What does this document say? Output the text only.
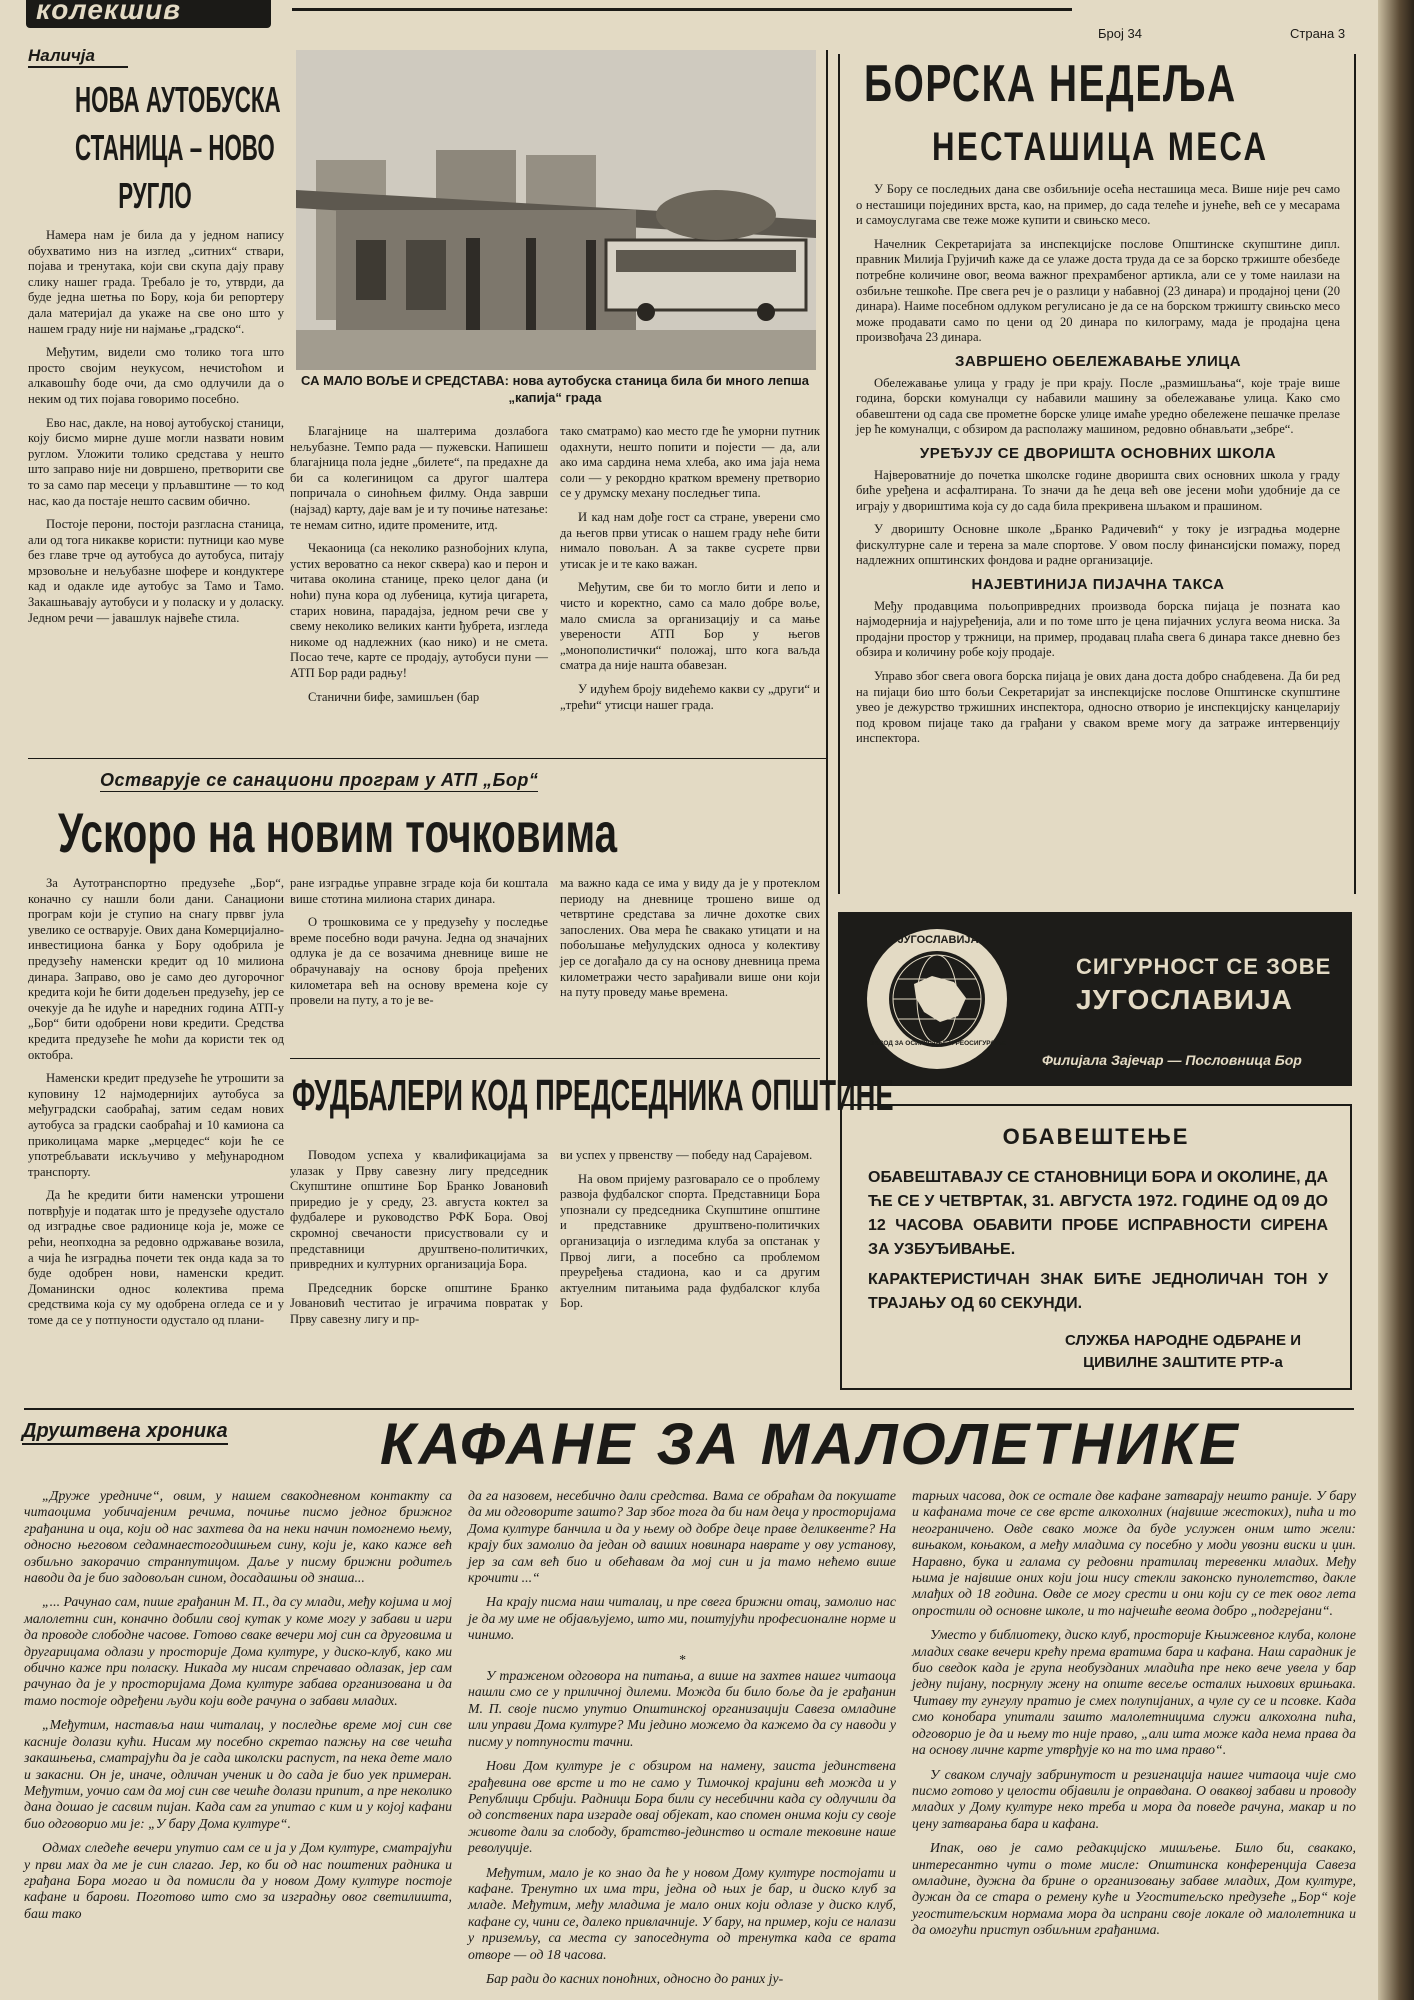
колекшив
Број 34	Страна 3
Наличја
НОВА АУТОБУСКА
СТАНИЦА – НОВО
РУГЛО

Намера нам је била да у једном напису обухватимо низ на изглед „ситних“ ствари, појава и тренутака, који сви скупа дају праву слику нашег града. Требало је то, утврди, да буде једна шетња по Бору, која би репортеру дала материјал да укаже на све оно што у нашем граду није ни најмање „градско“.

Међутим, видели смо толико тога што просто својим неукусом, нечистоћом и алкавошћу боде очи, да смо одлучили да о неким од тих појава говоримо посебно.

Ево нас, дакле, на новој аутобуској станици, коју бисмо мирне душе могли назвати новим руглом. Уложити толико средстава у нешто што заправо није ни довршено, претворити све то за само пар месеци у прљавштине — то код нас, као да постаје нешто сасвим обично.

Постоје перони, постоји разгласна станица, али од тога никакве користи: путници као муве без главе трче од аутобуса до аутобуса, питају мрзовољне и нељубазне шофере и кондуктере кад и одакле иде аутобус за Тамо и Тамо. Закашњавају аутобуси и у поласку и у доласку. Једном речи — јавашлук највеће стила.

СА МАЛО ВОЉЕ И СРЕДСТАВА: нова аутобуска станица била би много лепша „капија“ града

Благајнице на шалтерима дозлабога нељубазне. Темпо рада — пужевски. Напишеш благајница пола једне „билете“, па предахне да би са колегиницом са другог шалтера попричала о синоћњем филму. Онда заврши (најзад) карту, даје вам је и ту почиње натезање: те немам ситно, идите промените, итд.

Чекаоница (са неколико разнобојних клупа, устих вероватно са неког сквера) као и перон и читава околина станице, преко целог дана (и ноћи) пуна кора од лубеница, кутија цигарета, старих новина, парадајза, једном речи све у свему неколико великих канти ђубрета, изгледа никоме од надлежних (као нико) и не смета. Посао тече, карте се продају, аутобуси пуни — АТП Бор ради радњу!

Станични бифе, замишљен (бар

тако сматрамо) као место где ће уморни путник одахнути, нешто попити и појести — да, али ако има сардина нема хлеба, ако има јаја нема соли — у рекордно кратком времену претворио се у друмску механу последњег типа.

И кад нам дође гост са стране, уверени смо да његов први утисак о нашем граду неће бити нимало повољан. А за такве сусрете први утисак је и те како важан.

Међутим, све би то могло бити и лепо и чисто и коректно, само са мало добре воље, мало смисла за организацију и са мање уверености АТП Бор у његов „монополистички“ положај, што кога ваљда сматра да није нашта обавезан.

У идућем броју видећемо какви су „други“ и „трећи“ утисци нашег града.

БОРСКА НЕДЕЉА
НЕСТАШИЦА МЕСА

У Бору се последњих дана све озбиљније осећа несташица меса. Више није реч само о несташици појединих врста, као, на пример, до сада телеће и јунеће, већ се у месарама и самоуслугама све теже може купити и свињско месо.

Начелник Секретаријата за инспекцијске послове Општинске скупштине дипл. правник Милија Грујичић каже да се улаже доста труда да се за борско тржиште обезбеде потребне количине овог, веома важног прехрамбеног артикла, али се у томе наилази на озбиљне тешкоће. Пре свега реч је о разлици у набавној (23 динара) и продајној цени (20 динара). Наиме посебном одлуком регулисано је да се на борском тржишту свињско месо може продавати само по цени од 20 динара по килограму, мада је продајна цена произвођача 23 динара.

ЗАВРШЕНО ОБЕЛЕЖАВАЊЕ УЛИЦА

Обележавање улица у граду је при крају. После „размишљања“, које траје више година, борски комуналци су набавили машину за обележавање улица. Како смо обавештени од сада све прометне борске улице имаће уредно обележене пешачке прелазе јер ће комуналци, с обзиром да располажу машином, редовно обнављати „зебре“.

УРЕЂУЈУ СЕ ДВОРИШТА ОСНОВНИХ ШКОЛА

Највероватније до почетка школске године дворишта свих основних школа у граду биће уређена и асфалтирана. То значи да ће деца већ ове јесени моћи удобније да се играју у двориштима која су до сада била прекривена шљаком и прашином.

У дворишту Основне школе „Бранко Радичевић“ у току је изградња модерне фискултурне сале и терена за мале спортове. У овом послу финансијски помажу, поред надлежних општинских фондова и радне организације.

НАЈЕВТИНИЈА ПИЈАЧНА ТАКСА

Међу продавцима пољопривредних производа борска пијаца је позната као најмодернија и најуређенија, али и по томе што је цена пијачних услуга веома ниска. За продајни простор у тржници, на пример, продавац плаћа свега 6 динара таксе дневно без обзира и количину робе коју продаје.

Управо због свега овога борска пијаца је ових дана доста добро снабдевена. Да би ред на пијаци био што бољи Секретаријат за инспекцијске послове Општинске скупштине увео је дежурство тржишних инспектора, односно отворио је инспекцијску канцеларију под кровом пијаце тако да грађани у сваком време могу да затраже интервенцију инспектора.

ЈУГОСЛАВИЈА
ЗАВОД ЗА ОСИГУРАЊЕ И РЕОСИГУРАЊЕ
СИГУРНОСТ СЕ ЗОВЕ
ЈУГОСЛАВИЈА
Филијала Зајечар — Пословница Бор
ОБАВЕШТЕЊЕ
ОБАВЕШТАВАЈУ СЕ СТАНОВНИЦИ БОРА И ОКОЛИНЕ, ДА ЋЕ СЕ У ЧЕТВРТАК, 31. АВГУСТА 1972. ГОДИНЕ ОД 09 ДО 12 ЧАСОВА ОБАВИТИ ПРОБЕ ИСПРАВНОСТИ СИРЕНА ЗА УЗБУЂИВАЊЕ.
КАРАКТЕРИСТИЧАН ЗНАК БИЋЕ ЈЕДНОЛИЧАН ТОН У ТРАЈАЊУ ОД 60 СЕКУНДИ.
СЛУЖБА НАРОДНЕ ОДБРАНЕ И ЦИВИЛНЕ ЗАШТИТЕ РТР-а
Остварује се санациони програм у АТП „Бор“
Ускоро на новим точковима

За Аутотранспортно предузеће „Бор“, коначно су нашли боли дани. Санациони програм који је ступио на снагу прввг јула увелико се остварује. Ових дана Комерцијално-инвестициона банка у Бору одобрила је предузећу наменски кредит од 10 милиона динара. Заправо, ово је само део дугорочног кредита који ће бити додељен предузећу, јер се очекује да ће идуће и наредних година АТП-у „Бор“ бити одобрени нови кредити. Средства кредита предузеће ће моћи да користи тек од октобра.

Наменски кредит предузеће ће утрошити за куповину 12 најмодернијих аутобуса за међуградски саобраћај, затим седам нових аутобуса за градски саобраћај и 10 камиона са приколицама марке „мерцедес“ који ће се употребљавати искључиво у међународном транспорту.

Да ће кредити бити наменски утрошени потврђује и податак што је предузеће одустало од изградње свое радионице која је, може се рећи, неопходна за редовно одржавање возила, а чија ће изградња почети тек онда када за то буде одобрен нови, наменски кредит. Доманински однос колектива према средствима која су му одобрена огледа се и у томе да се у потпуности одустало од плани-

ране изградње управне зграде која би коштала више стотина милиона старих динара.

О трошковима се у предузећу у последње време посебно води рачуна. Једна од значајних одлука је да се возачима дневнице више не обрачунавају на основу броја пређених километара већ на основу времена које су провели на путу, а то је ве-

ма важно када се има у виду да је у протеклом периоду на дневнице трошено више од четвртине средстава за личне дохотке свих запослених. Ова мера ће свакако утицати и на побољшање међулудских односа у колективу јер се догађало да су на основу дневница према километражи често зарађивали више они који на путу проведу мање времена.

ФУДБАЛЕРИ КОД ПРЕДСЕДНИКА ОПШТИНЕ

Поводом успеха у квалификацијама за улазак у Прву савезну лигу председник Скупштине општине Бор Бранко Јовановић приредио је у среду, 23. августа коктел за фудбалере и руководство РФК Бора. Овој скромној свечаности присуствовали су и представници друштвено-политичких, привредних и културних организација Бора.

Председник борске општине Бранко Јовановић честитао је играчима повратак у Прву савезну лигу и пр-

ви успех у првенству — победу над Сарајевом.

На овом пријему разговарало се о проблему развоја фудбалског спорта. Представници Бора упознали су председника Скупштине општине и представнике друштвено-политичких организација о изгледима клуба за опстанак у Првој лиги, а посебно са проблемом преуређења стадиона, као и са другим актуелним питањима рада фудбалског клуба Бор.

Друштвена хроника	КАФАНЕ ЗА МАЛОЛЕТНИКЕ

„Друже уредниче“, овим, у нашем свакодневном контакту са читаоцима уобичајеним речима, почиње писмо једног брижног грађанина и оца, који од нас захтева да на неки начин помогнемо њему, односно његовом седамнаестогодишњем сину, који је, како каже већ озбиљно закорачио странпутицом. Даље у писму брижни родитељ наводи да је био задовољан сином, досадашњи од знаша...

„... Рачунао сам, пише грађанин М. П., да су млади, међу којима и мој малолетни син, коначно добили свој кутак у коме могу у забави и игри да проводе слободне часове. Готово сваке вечери мој син са друговима и другарицама одлази у просторије Дома културе, у диско-клуб, како ми обично каже при поласку. Никада му нисам спречавао одлазак, јер сам рачунао да је у просторијама Дома културе забава организована и да тамо постоје одређени људи који воде рачуна о забави младих.

„Међутим, наставља наш читалац, у последње време мој син све касније долази кући. Нисам му посебно скретао пажњу на све чешћа закашњења, сматрајући да је сада школски распуст, па нека дете мало и закасни. Он је, иначе, одличан ученик и до сада је био уек примеран. Међутим, уочио сам да мој син све чешће долази припит, а пре неколико дана дошао је сасвим пијан. Када сам га упитао с ким и у којој кафани био одговорио ми је: „У бару Дома културе“.

Одмах следеће вечери упутио сам се и ја у Дом културе, сматрајући у први мах да ме је син слагао. Јер, ко би од нас поштених радника и грађана Бора могао и да помисли да у новом Дому културе постоје кафане и барови. Поготово што смо за изградњу овог светилишта, баш тако

да га назовем, несебично дали средства. Вама се обраћам да покушате да ми одговорите зашто? Зар због тога да би нам деца у просторијама Дома културе банчила и да у њему од добре деце праве деликвенте? На крају бих замолио да један од ваших новинара навратe у ову установу, јер за сам већ био и обећавам да мој син и ја тамо нећемо више крочити ...“

На крају писма наш читалац, и пре свега брижни отац, замолио нас је да му име не објављујемо, што ми, поштујући професионалне норме и чинимо.

*

У траженом одговора на питања, а више на захтев нашег читаоца нашли смо се у приличној дилеми. Можда би било боље да је грађанин М. П. своје писмо упутио Општинској организацији Савеза омладине или управи Дома културе? Ми једино можемо да кажемо да су наводи у писму у потпуности тачни.

Нови Дом културе је с обзиром на намену, заиста јединствена грађевина ове врсте и то не само у Тимочкој крајини већ можда и у Републици Србији. Радници Бора били су несебични када су одлучили да од сопствених пара изграде овај објекат, као спомен онима који су своје животе дали за слободу, братство-јединство и остале тековине наше револуције.

Међутим, мало је ко знао да ће у новом Дому културе постојати и кафане. Тренутно их има три, једна од њих је бар, и диско клуб за младе. Међутим, међу младима је мало оних који одлазе у диско клуб, кафане су, чини се, далеко привлачније. У бару, на пример, који се налази у приземљу, са места су запоседнута од тренутка када се врата отворе — од 18 часова.

Бар ради до касних поноћних, односно до раних ју-

тарњих часова, док се остале две кафане затварају нешто раније. У бару и кафанама точе се све врсте алкохолних (највише жестоких), пића и то неограничено. Овде свако може да буде услужен оним што жели: вињаком, коњаком, а међу младима су посебно у моди увозни виски и џин. Наравно, бука и галама су редовни пратилац теревенки младих. Међу њима је највише оних који још нису стекли законско пунолетство, дакле млађих од 18 година. Овде се могу срести и они који су се тек овог лета опростили од основне школе, и то најчешће веома добро „подгрејани“.

Уместо у библиотеку, диско клуб, просторије Књижевног клуба, колоне младих сваке вечери крећу према вратима бара и кафана. Наш сарадник је био сведок када је група необузданих младића пре неко вече увела у бар једну пијану, посрнулу жену на општe весеље осталих њихових вршњака. Читаву ту гунгулу пратио је смех полупијаних, а чуле су се и псовке. Када смо конобара упитали зашто малолетницима служи алкохолна пића, одговорио је да и њему то није право, „али шта може када нема права да на основу личне карте утврђује ко на то има право“.

У сваком случају забринутост и резигнација нашег читаоца чије смо писмо готово у целости објавили је оправдана. О оваквој забави и проводу младих у Дому културе неко треба и мора да поведе рачуна, макар и по цену затварања бара и кафана.

Ипак, ово је само редакцијско мишљење. Било би, свакако, интересантно чути о томе мисле: Општинска конференција Савеза омладине, дужна да брине о организовању забаве младих, Дом културе, дужан да се стара о ремену куће и Угоститељско предузеће „Бор“ које угоститељским нормама мора да испрани своје локале од малолетника и да омогући приступ озбиљним грађанима.
